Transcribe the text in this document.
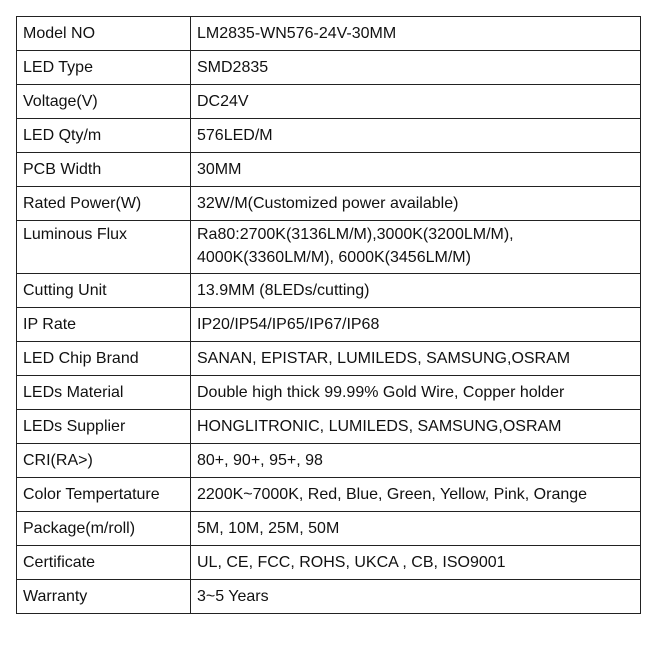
Model NO	LM2835-WN576-24V-30MM
LED Type	SMD2835
Voltage(V)	DC24V
LED Qty/m	576LED/M
PCB Width	30MM
Rated Power(W)	32W/M(Customized power available)
Luminous Flux	Ra80:2700K(3136LM/M),3000K(3200LM/M),
4000K(3360LM/M), 6000K(3456LM/M)

Cutting Unit	13.9MM (8LEDs/cutting)
IP Rate	IP20/IP54/IP65/IP67/IP68
LED Chip Brand	SANAN, EPISTAR, LUMILEDS, SAMSUNG,OSRAM
LEDs Material	Double high thick 99.99% Gold Wire, Copper holder
LEDs Supplier	HONGLITRONIC, LUMILEDS, SAMSUNG,OSRAM
CRI(RA>)	80+, 90+, 95+, 98
Color Tempertature	2200K~7000K, Red, Blue, Green, Yellow, Pink, Orange
Package(m/roll)	5M, 10M, 25M, 50M
Certificate	UL, CE, FCC, ROHS, UKCA , CB, ISO9001
Warranty	3~5 Years
